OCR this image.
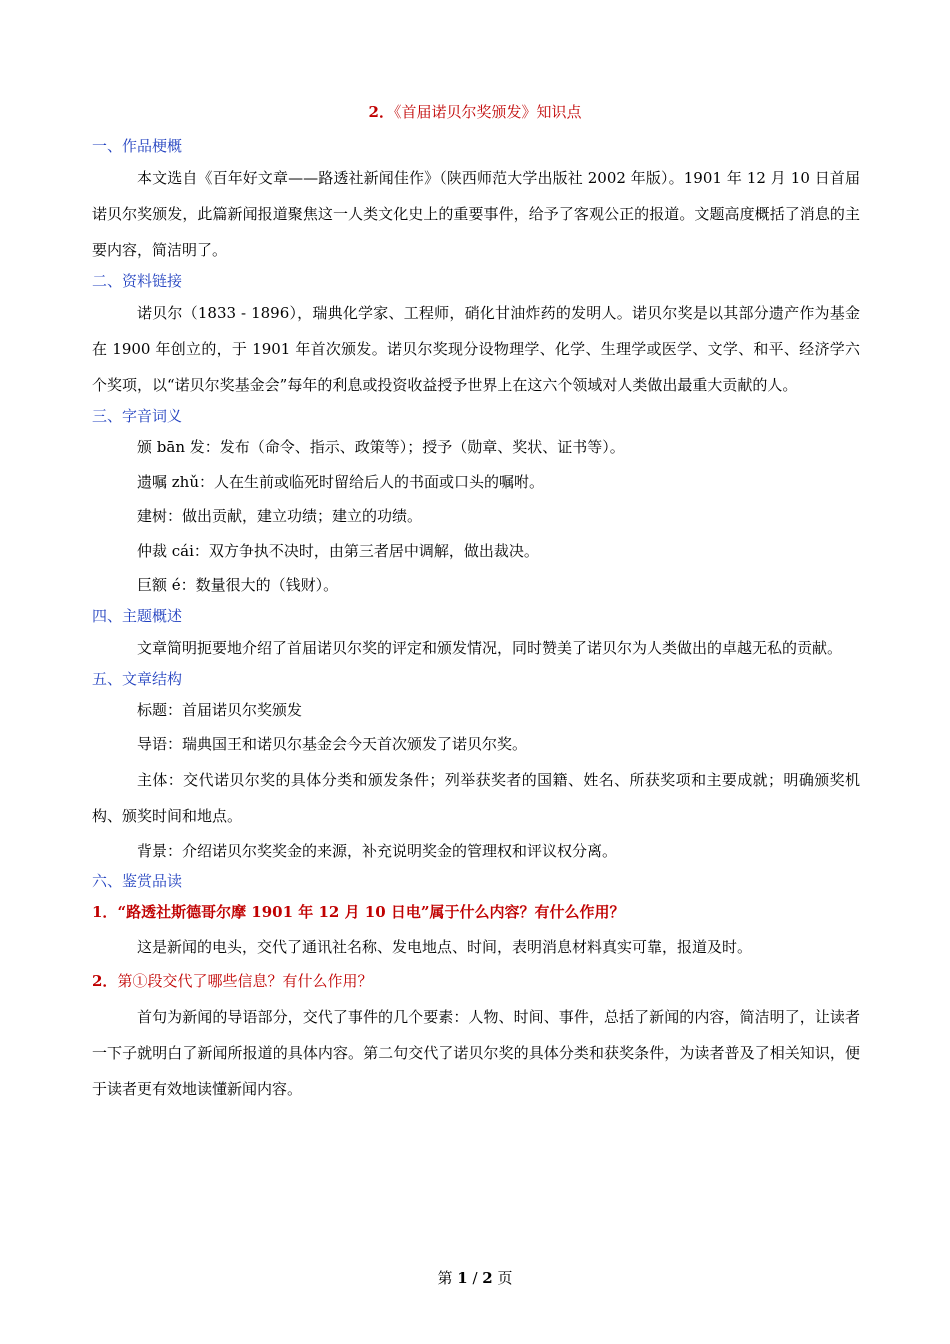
2．《首届诺贝尔奖颁发》知识点
一、作品梗概
本文选自《百年好文章——路透社新闻佳作》（陕西师范大学出版社 2002 年版）。1901 年 12 月 10 日首届诺贝尔奖颁发，此篇新闻报道聚焦这一人类文化史上的重要事件，给予了客观公正的报道。文题高度概括了消息的主要内容，简洁明了。
二、资料链接
诺贝尔（1833 - 1896），瑞典化学家、工程师，硝化甘油炸药的发明人。诺贝尔奖是以其部分遗产作为基金在 1900 年创立的，于 1901 年首次颁发。诺贝尔奖现分设物理学、化学、生理学或医学、文学、和平、经济学六个奖项，以“诺贝尔奖基金会”每年的利息或投资收益授予世界上在这六个领域对人类做出最重大贡献的人。
三、字音词义
颁 bān 发：发布（命令、指示、政策等）；授予（勋章、奖状、证书等）。
遗嘱 zhǔ：人在生前或临死时留给后人的书面或口头的嘱咐。
建树：做出贡献，建立功绩；建立的功绩。
仲裁 cái：双方争执不决时，由第三者居中调解，做出裁决。
巨额 é：数量很大的（钱财）。
四、主题概述
文章简明扼要地介绍了首届诺贝尔奖的评定和颁发情况，同时赞美了诺贝尔为人类做出的卓越无私的贡献。
五、文章结构
标题：首届诺贝尔奖颁发
导语：瑞典国王和诺贝尔基金会今天首次颁发了诺贝尔奖。
主体：交代诺贝尔奖的具体分类和颁发条件；列举获奖者的国籍、姓名、所获奖项和主要成就；明确颁奖机构、颁奖时间和地点。
背景：介绍诺贝尔奖奖金的来源，补充说明奖金的管理权和评议权分离。
六、鉴赏品读
1．“路透社斯德哥尔摩 1901 年 12 月 10 日电”属于什么内容？有什么作用？
这是新闻的电头，交代了通讯社名称、发电地点、时间，表明消息材料真实可靠，报道及时。
2．第①段交代了哪些信息？有什么作用？
首句为新闻的导语部分，交代了事件的几个要素：人物、时间、事件，总括了新闻的内容，简洁明了，让读者一下子就明白了新闻所报道的具体内容。第二句交代了诺贝尔奖的具体分类和获奖条件，为读者普及了相关知识，便于读者更有效地读懂新闻内容。
第 1 / 2 页
